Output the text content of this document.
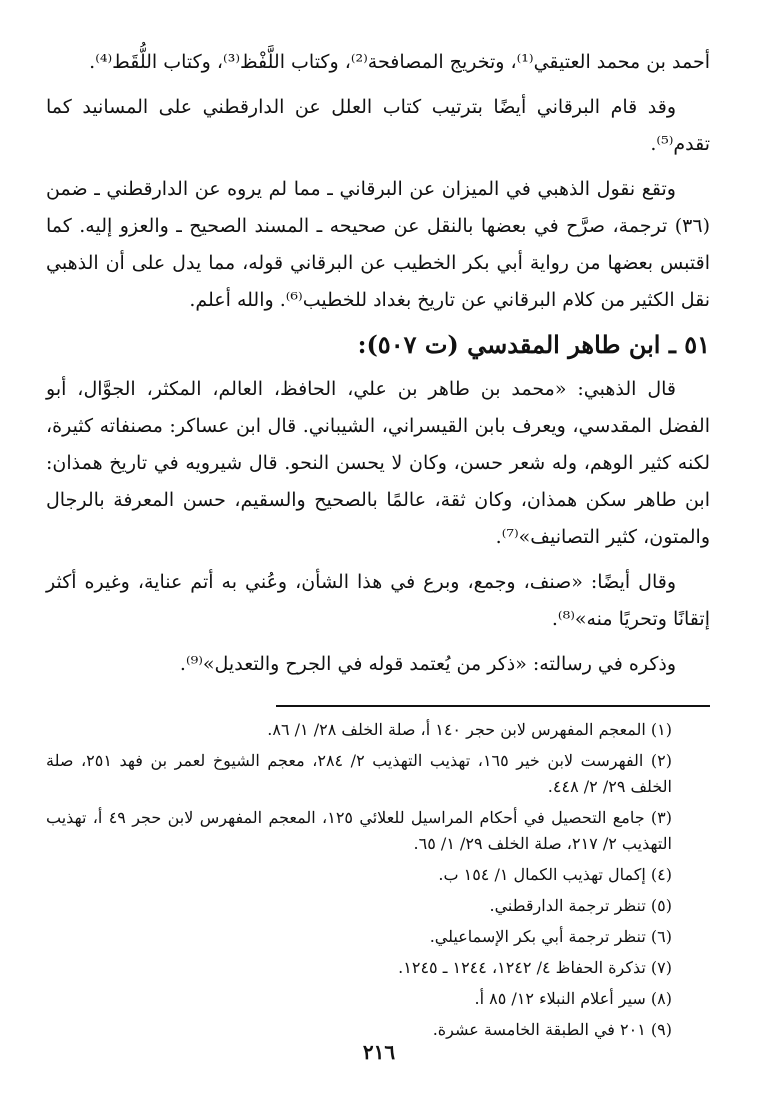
أحمد بن محمد العتيقي⁽¹⁾، وتخريج المصافحة⁽²⁾، وكتاب اللَّفْظ⁽³⁾، وكتاب اللُّقَط⁽⁴⁾.

وقد قام البرقاني أيضًا بترتيب كتاب العلل عن الدارقطني على المسانيد كما تقدم⁽⁵⁾.

وتقع نقول الذهبي في الميزان عن البرقاني ـ مما لم يروه عن الدارقطني ـ ضمن (٣٦) ترجمة، صرَّح في بعضها بالنقل عن صحيحه ـ المسند الصحيح ـ والعزو إليه. كما اقتبس بعضها من رواية أبي بكر الخطيب عن البرقاني قوله، مما يدل على أن الذهبي نقل الكثير من كلام البرقاني عن تاريخ بغداد للخطيب⁽⁶⁾. والله أعلم.

٥١ ـ ابن طاهر المقدسي (ت ٥٠٧):

قال الذهبي: «محمد بن طاهر بن علي، الحافظ، العالم، المكثر، الجوَّال، أبو الفضل المقدسي، ويعرف بابن القيسراني، الشيباني. قال ابن عساكر: مصنفاته كثيرة، لكنه كثير الوهم، وله شعر حسن، وكان لا يحسن النحو. قال شيرويه في تاريخ همذان: ابن طاهر سكن همذان، وكان ثقة، عالمًا بالصحيح والسقيم، حسن المعرفة بالرجال والمتون، كثير التصانيف»⁽⁷⁾.

وقال أيضًا: «صنف، وجمع، وبرع في هذا الشأن، وعُني به أتم عناية، وغيره أكثر إتقانًا وتحريًا منه»⁽⁸⁾.

وذكره في رسالته: «ذكر من يُعتمد قوله في الجرح والتعديل»⁽⁹⁾.

(١) المعجم المفهرس لابن حجر ١٤٠ أ، صلة الخلف ٢٨/ ١/ ٨٦.

(٢) الفهرست لابن خير ١٦٥، تهذيب التهذيب ٢/ ٢٨٤، معجم الشيوخ لعمر بن فهد ٢٥١، صلة الخلف ٢٩/ ٢/ ٤٤٨.

(٣) جامع التحصيل في أحكام المراسيل للعلائي ١٢٥، المعجم المفهرس لابن حجر ٤٩ أ، تهذيب التهذيب ٢/ ٢١٧، صلة الخلف ٢٩/ ١/ ٦٥.

(٤) إكمال تهذيب الكمال ١/ ١٥٤ ب.

(٥) تنظر ترجمة الدارقطني.

(٦) تنظر ترجمة أبي بكر الإسماعيلي.

(٧) تذكرة الحفاظ ٤/ ١٢٤٢، ١٢٤٤ ـ ١٢٤٥.

(٨) سير أعلام النبلاء ١٢/ ٨٥ أ.

(٩) ٢٠١ في الطبقة الخامسة عشرة.

٢١٦
